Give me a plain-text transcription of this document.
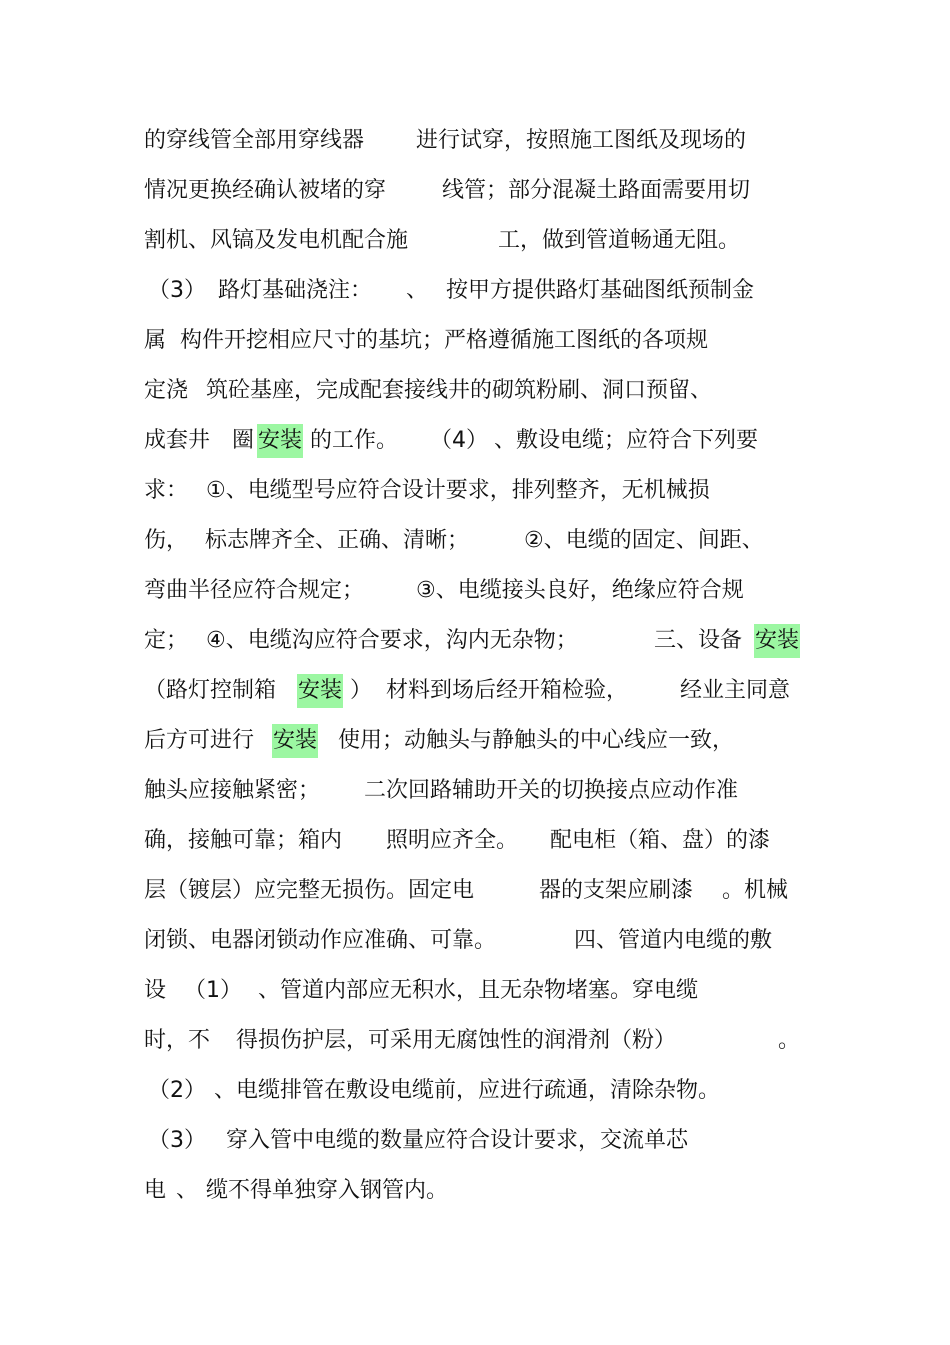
的穿线管全部用穿线器

进行试穿，按照施工图纸及现场的

情况更换经确认被堵的穿

	线管；部分混凝土路面需要用切

割机、风镐及发电机配合施

	工，做到管道畅通无阻。

（3）

路灯基础浇注：

、

按甲方提供路灯基础图纸预制金

属

构件开挖相应尺寸的基坑；严格遵循施工图纸的各项规

定浇

筑砼基座，完成配套接线井的砌筑粉刷、洞口预留、

成套井

圈

安装

的工作。

（4）

、敷设电缆；应符合下列要

求：

①、电缆型号应符合设计要求，排列整齐，无机械损

伤，

标志牌齐全、正确、清晰；

②、电缆的固定、间距、

弯曲半径应符合规定；

③、电缆接头良好，绝缘应符合规

定；

④、电缆沟应符合要求，沟内无杂物；

	三、设备

安装

（路灯控制箱

安装

）

材料到场后经开箱检验，

经业主同意

后方可进行

安装

使用；动触头与静触头的中心线应一致，

触头应接触紧密；

二次回路辅助开关的切换接点应动作准

确，接触可靠；箱内

照明应齐全。

配电柜（箱、盘）的漆

层（镀层）应完整无损伤。固定电

	器的支架应刷漆

。机械

闭锁、电器闭锁动作应准确、可靠。

	四、管道内电缆的敷

设

（1）

、管道内部应无积水，且无杂物堵塞。穿电缆

时，不

得损伤护层，可采用无腐蚀性的润滑剂（粉）

	。

（2）

、电缆排管在敷设电缆前，应进行疏通，清除杂物。

（3）

穿入管中电缆的数量应符合设计要求，交流单芯

电

、

缆不得单独穿入钢管内。
